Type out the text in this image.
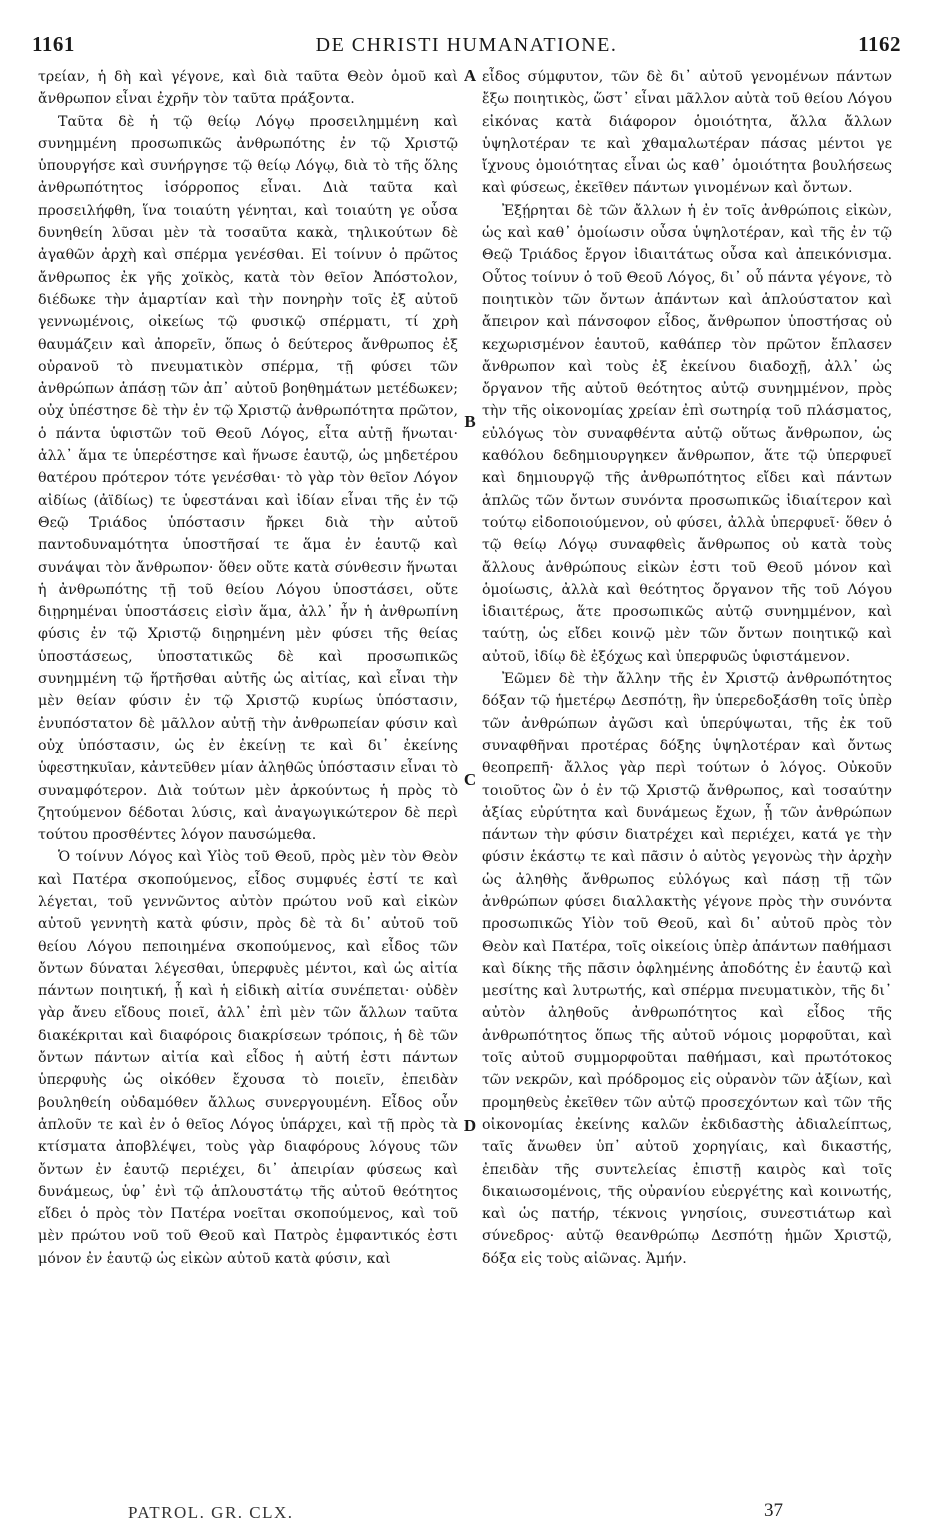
1161	DE CHRISTI HUMANATIONE.	1162

τρείαν, ἡ δὴ καὶ γέγονε, καὶ διὰ ταῦτα Θεὸν ὁμοῦ καὶ ἄνθρωπον εἶναι ἐχρῆν τὸν ταῦτα πράξοντα.

Ταῦτα δὲ ἡ τῷ θείῳ Λόγῳ προσειλημμένη καὶ συνημμένη προσωπικῶς ἀνθρωπότης ἐν τῷ Χριστῷ ὑπουργήσε καὶ συνήργησε τῷ θείῳ Λόγῳ, διὰ τὸ τῆς ὅλης ἀνθρωπότητος ἰσόρροπος εἶναι. Διὰ ταῦτα καὶ προσειλήφθη, ἵνα τοιαύτη γένηται, καὶ τοιαύτη γε οὖσα δυνηθείη λῦσαι μὲν τὰ τοσαῦτα κακὰ, τηλικούτων δὲ ἀγαθῶν ἀρχὴ καὶ σπέρμα γενέσθαι. Εἰ τοίνυν ὁ πρῶτος ἄνθρωπος ἐκ γῆς χοϊκὸς, κατὰ τὸν θεῖον Ἀπόστολον, διέδωκε τὴν ἁμαρτίαν καὶ τὴν πονηρὴν τοῖς ἐξ αὐτοῦ γεννωμένοις, οἰκείως τῷ φυσικῷ σπέρματι, τί χρὴ θαυμάζειν καὶ ἀπορεῖν, ὅπως ὁ δεύτερος ἄνθρωπος ἐξ οὐρανοῦ τὸ πνευματικὸν σπέρμα, τῇ φύσει τῶν ἀνθρώπων ἁπάσῃ τῶν ἀπ᾽ αὐτοῦ βοηθημάτων μετέδωκεν; οὐχ ὑπέστησε δὲ τὴν ἐν τῷ Χριστῷ ἀνθρωπότητα πρῶτον, ὁ πάντα ὑφιστῶν τοῦ Θεοῦ Λόγος, εἶτα αὐτῇ ἥνωται· ἀλλ᾽ ἅμα τε ὑπερέστησε καὶ ἥνωσε ἑαυτῷ, ὡς μηδετέρου θατέρου πρότερον τότε γενέσθαι· τὸ γὰρ τὸν θεῖον Λόγον αἰδίως (ἀϊδίως) τε ὑφεστάναι καὶ ἰδίαν εἶναι τῆς ἐν τῷ Θεῷ Τριάδος ὑπόστασιν ἤρκει διὰ τὴν αὐτοῦ παντοδυναμότητα ὑποστῆσαί τε ἅμα ἐν ἑαυτῷ καὶ συνάψαι τὸν ἄνθρωπον· ὅθεν οὔτε κατὰ σύνθεσιν ἥνωται ἡ ἀνθρωπότης τῇ τοῦ θείου Λόγου ὑποστάσει, οὔτε διῃρημέναι ὑποστάσεις εἰσὶν ἅμα, ἀλλ᾽ ἦν ἡ ἀνθρωπίνη φύσις ἐν τῷ Χριστῷ διῃρημένη μὲν φύσει τῆς θείας ὑποστάσεως, ὑποστατικῶς δὲ καὶ προσωπικῶς συνημμένη τῷ ἥρτῆσθαι αὐτῆς ὡς αἰτίας, καὶ εἶναι τὴν μὲν θείαν φύσιν ἐν τῷ Χριστῷ κυρίως ὑπόστασιν, ἐνυπόστατον δὲ μᾶλλον αὐτῇ τὴν ἀνθρωπείαν φύσιν καὶ οὐχ ὑπόστασιν, ὡς ἐν ἐκείνῃ τε καὶ δι᾽ ἐκείνης ὑφεστηκυῖαν, κἀντεῦθεν μίαν ἀληθῶς ὑπόστασιν εἶναι τὸ συναμφότερον. Διὰ τούτων μὲν ἀρκούντως ἡ πρὸς τὸ ζητούμενον δέδοται λύσις, καὶ ἀναγωγικώτερον δὲ περὶ τούτου προσθέντες λόγον παυσώμεθα.

Ὁ τοίνυν Λόγος καὶ Υἱὸς τοῦ Θεοῦ, πρὸς μὲν τὸν Θεὸν καὶ Πατέρα σκοπούμενος, εἶδος συμφυές ἐστί τε καὶ λέγεται, τοῦ γεννῶντος αὐτὸν πρώτου νοῦ καὶ εἰκὼν αὐτοῦ γεννητὴ κατὰ φύσιν, πρὸς δὲ τὰ δι᾽ αὐτοῦ τοῦ θείου Λόγου πεποιημένα σκοπούμενος, καὶ εἶδος τῶν ὄντων δύναται λέγεσθαι, ὑπερφυὲς μέντοι, καὶ ὡς αἰτία πάντων ποιητική, ᾗ καὶ ἡ εἰδικὴ αἰτία συνέπεται· οὐδὲν γὰρ ἄνευ εἴδους ποιεῖ, ἀλλ᾽ ἐπὶ μὲν τῶν ἄλλων ταῦτα διακέκριται καὶ διαφόροις διακρίσεων τρόποις, ἡ δὲ τῶν ὄντων πάντων αἰτία καὶ εἶδος ἡ αὐτή ἐστι πάντων ὑπερφυὴς ὡς οἰκόθεν ἔχουσα τὸ ποιεῖν, ἐπειδὰν βουληθείη οὐδαμόθεν ἄλλως συνεργουμένη. Εἶδος οὖν ἁπλοῦν τε καὶ ἐν ὁ θεῖος Λόγος ὑπάρχει, καὶ τῇ πρὸς τὰ κτίσματα ἀποβλέψει, τοὺς γὰρ διαφόρους λόγους τῶν ὄντων ἐν ἑαυτῷ περιέχει, δι᾽ ἀπειρίαν φύσεως καὶ δυνάμεως, ὑφ᾽ ἐνὶ τῷ ἁπλουστάτῳ τῆς αὐτοῦ θεότητος εἴδει ὁ πρὸς τὸν Πατέρα νοεῖται σκοπούμενος, καὶ τοῦ μὲν πρώτου νοῦ τοῦ Θεοῦ καὶ Πατρὸς ἐμφαντικός ἐστι μόνον ἐν ἑαυτῷ ὡς εἰκὼν αὐτοῦ κατὰ φύσιν, καὶ

A
B
C
D

εἶδος σύμφυτον, τῶν δὲ δι᾽ αὐτοῦ γενομένων πάντων ἔξω ποιητικὸς, ὥστ᾽ εἶναι μᾶλλον αὐτὰ τοῦ θείου Λόγου εἰκόνας κατὰ διάφορον ὁμοιότητα, ἄλλα ἄλλων ὑψηλοτέραν τε καὶ χθαμαλωτέραν πάσας μέντοι γε ἴχνους ὁμοιότητας εἶναι ὡς καθ᾽ ὁμοιότητα βουλήσεως καὶ φύσεως, ἐκεῖθεν πάντων γινομένων καὶ ὄντων.

Ἐξῄρηται δὲ τῶν ἄλλων ἡ ἐν τοῖς ἀνθρώποις εἰκὼν, ὡς καὶ καθ᾽ ὁμοίωσιν οὖσα ὑψηλοτέραν, καὶ τῆς ἐν τῷ Θεῷ Τριάδος ἔργον ἰδιαιτάτως οὖσα καὶ ἀπεικόνισμα. Οὗτος τοίνυν ὁ τοῦ Θεοῦ Λόγος, δι᾽ οὗ πάντα γέγονε, τὸ ποιητικὸν τῶν ὄντων ἁπάντων καὶ ἁπλούστατον καὶ ἄπειρον καὶ πάνσοφον εἶδος, ἄνθρωπον ὑποστήσας οὐ κεχωρισμένον ἑαυτοῦ, καθάπερ τὸν πρῶτον ἔπλασεν ἄνθρωπον καὶ τοὺς ἐξ ἐκείνου διαδοχῇ, ἀλλ᾽ ὡς ὄργανον τῆς αὐτοῦ θεότητος αὐτῷ συνημμένον, πρὸς τὴν τῆς οἰκονομίας χρείαν ἐπὶ σωτηρίᾳ τοῦ πλάσματος, εὐλόγως τὸν συναφθέντα αὐτῷ οὕτως ἄνθρωπον, ὡς καθόλου δεδημιουργηκεν ἄνθρωπον, ἅτε τῷ ὑπερφυεῖ καὶ δημιουργῷ τῆς ἀνθρωπότητος εἴδει καὶ πάντων ἁπλῶς τῶν ὄντων συνόντα προσωπικῶς ἰδιαίτερον καὶ τούτῳ εἰδοποιούμενον, οὐ φύσει, ἀλλὰ ὑπερφυεῖ· ὅθεν ὁ τῷ θείῳ Λόγῳ συναφθεὶς ἄνθρωπος οὐ κατὰ τοὺς ἄλλους ἀνθρώπους εἰκὼν ἐστι τοῦ Θεοῦ μόνον καὶ ὁμοίωσις, ἀλλὰ καὶ θεότητος ὄργανον τῆς τοῦ Λόγου ἰδιαιτέρως, ἅτε προσωπικῶς αὐτῷ συνημμένον, καὶ ταύτῃ, ὡς εἴδει κοινῷ μὲν τῶν ὄντων ποιητικῷ καὶ αὐτοῦ, ἰδίῳ δὲ ἐξόχως καὶ ὑπερφυῶς ὑφιστάμενον.

Ἐῶμεν δὲ τὴν ἄλλην τῆς ἐν Χριστῷ ἀνθρωπότητος δόξαν τῷ ἡμετέρῳ Δεσπότῃ, ἣν ὑπερεδοξάσθη τοῖς ὑπὲρ τῶν ἀνθρώπων ἀγῶσι καὶ ὑπερύψωται, τῆς ἐκ τοῦ συναφθῆναι προτέρας δόξης ὑψηλοτέραν καὶ ὄντως θεοπρεπῆ· ἄλλος γὰρ περὶ τούτων ὁ λόγος. Οὐκοῦν τοιοῦτος ὢν ὁ ἐν τῷ Χριστῷ ἄνθρωπος, καὶ τοσαύτην ἀξίας εὐρύτητα καὶ δυνάμεως ἔχων, ᾗ τῶν ἀνθρώπων πάντων τὴν φύσιν διατρέχει καὶ περιέχει, κατά γε τὴν φύσιν ἑκάστῳ τε καὶ πᾶσιν ὁ αὐτὸς γεγονὼς τὴν ἀρχὴν ὡς ἀληθὴς ἄνθρωπος εὐλόγως καὶ πάσῃ τῇ τῶν ἀνθρώπων φύσει διαλλακτὴς γέγονε πρὸς τὴν συνόντα προσωπικῶς Υἱὸν τοῦ Θεοῦ, καὶ δι᾽ αὐτοῦ πρὸς τὸν Θεὸν καὶ Πατέρα, τοῖς οἰκείοις ὑπὲρ ἁπάντων παθήμασι καὶ δίκης τῆς πᾶσιν ὀφλημένης ἀποδότης ἐν ἑαυτῷ καὶ μεσίτης καὶ λυτρωτής, καὶ σπέρμα πνευματικὸν, τῆς δι᾽ αὐτὸν ἀληθοῦς ἀνθρωπότητος καὶ εἶδος τῆς ἀνθρωπότητος ὅπως τῆς αὐτοῦ νόμοις μορφοῦται, καὶ τοῖς αὐτοῦ συμμορφοῦται παθήμασι, καὶ πρωτότοκος τῶν νεκρῶν, καὶ πρόδρομος εἰς οὐρανὸν τῶν ἀξίων, καὶ προμηθεὺς ἐκεῖθεν τῶν αὐτῷ προσεχόντων καὶ τῶν τῆς οἰκονομίας ἐκείνης καλῶν ἐκδιδαστὴς ἀδιαλείπτως, ταῖς ἄνωθεν ὑπ᾽ αὐτοῦ χορηγίαις, καὶ δικαστής, ἐπειδὰν τῆς συντελείας ἐπιστῇ καιρὸς καὶ τοῖς δικαιωσομένοις, τῆς οὐρανίου εὐεργέτης καὶ κοινωτής, καὶ ὡς πατήρ, τέκνοις γνησίοις, συνεστιάτωρ καὶ σύνεδρος· αὐτῷ θεανθρώπῳ Δεσπότῃ ἡμῶν Χριστῷ, δόξα εἰς τοὺς αἰῶνας. Ἀμήν.

PATROL. GR. CLX.	37
